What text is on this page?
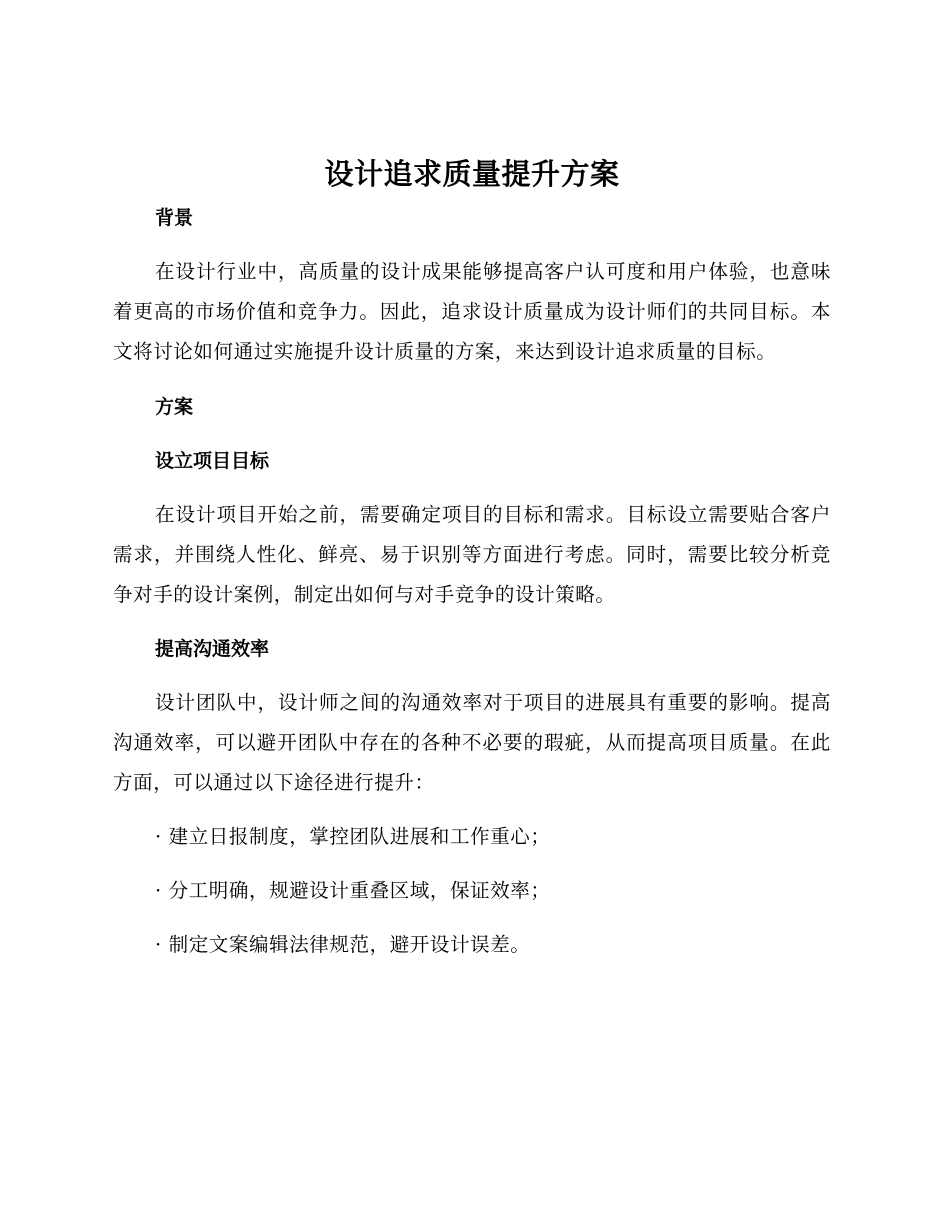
设计追求质量提升方案

背景

在设计行业中，高质量的设计成果能够提高客户认可度和用户体验，也意味着更高的市场价值和竞争力。因此，追求设计质量成为设计师们的共同目标。本文将讨论如何通过实施提升设计质量的方案，来达到设计追求质量的目标。

方案

设立项目目标

在设计项目开始之前，需要确定项目的目标和需求。目标设立需要贴合客户需求，并围绕人性化、鲜亮、易于识别等方面进行考虑。同时，需要比较分析竞争对手的设计案例，制定出如何与对手竞争的设计策略。

提高沟通效率

设计团队中，设计师之间的沟通效率对于项目的进展具有重要的影响。提高沟通效率，可以避开团队中存在的各种不必要的瑕疵，从而提高项目质量。在此方面，可以通过以下途径进行提升：

· 建立日报制度，掌控团队进展和工作重心；

· 分工明确，规避设计重叠区域，保证效率；

· 制定文案编辑法律规范，避开设计误差。
